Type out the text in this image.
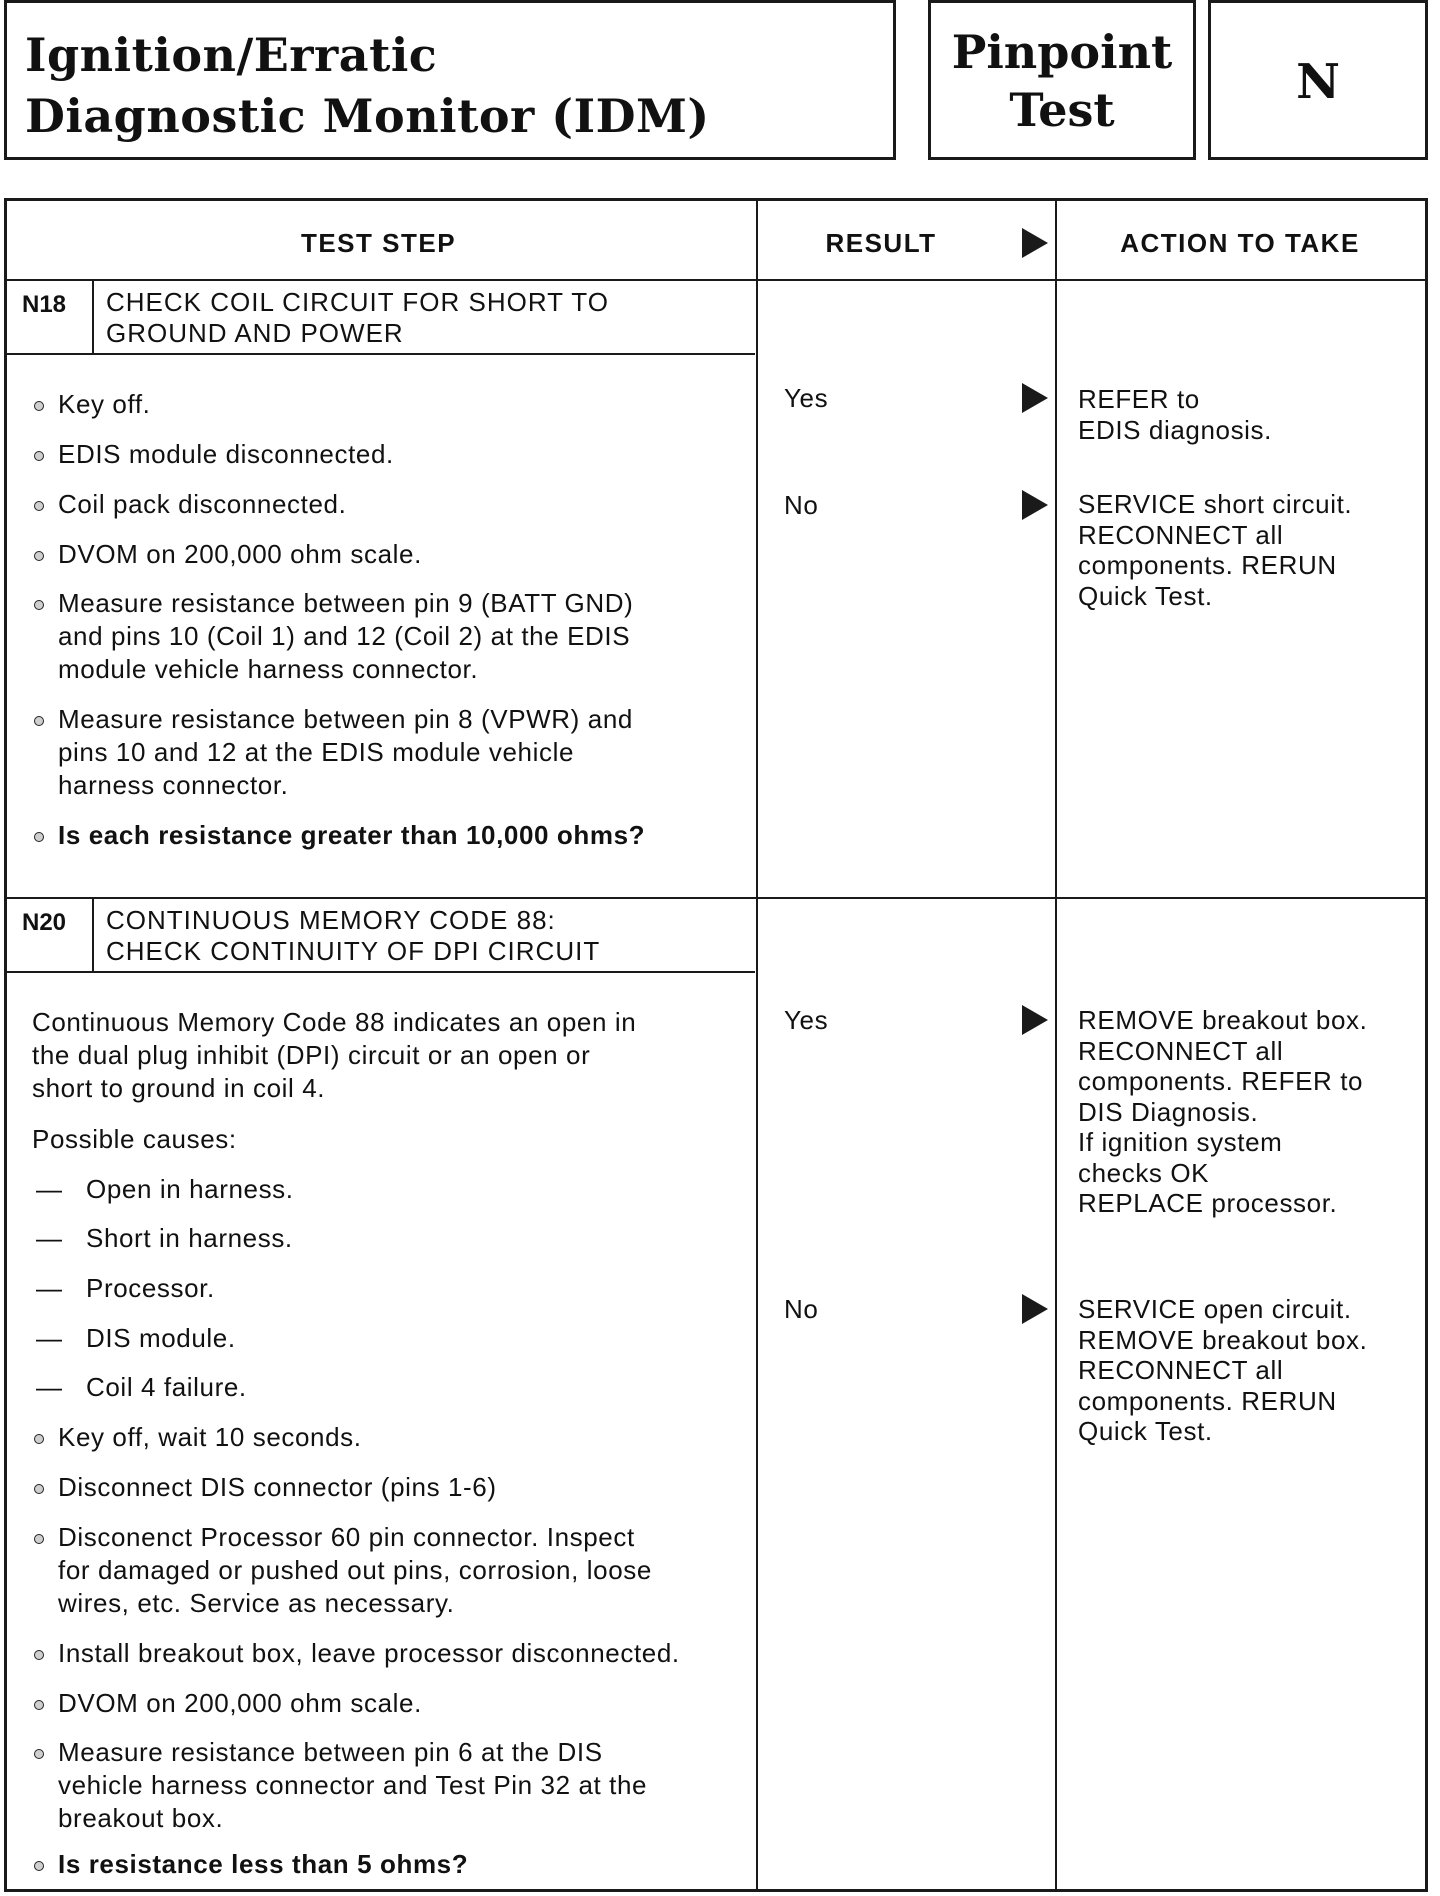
Ignition/Erratic
Diagnostic Monitor (IDM)
Pinpoint
Test	N
TEST STEP	RESULT	ACTION TO TAKE
N18 CHECK COIL CIRCUIT FOR SHORT TO
GROUND AND POWER
Key off.
EDIS module disconnected.
Coil pack disconnected.
DVOM on 200,000 ohm scale.
Measure resistance between pin 9 (BATT GND)
and pins 10 (Coil 1) and 12 (Coil 2) at the EDIS
module vehicle harness connector.
Measure resistance between pin 8 (VPWR) and
pins 10 and 12 at the EDIS module vehicle
harness connector.
Is each resistance greater than 10,000 ohms?
Yes	REFER to
EDIS diagnosis.
No	SERVICE short circuit.
RECONNECT all
components. RERUN
Quick Test.
N20 CONTINUOUS MEMORY CODE 88:
CHECK CONTINUITY OF DPI CIRCUIT
Continuous Memory Code 88 indicates an open in
the dual plug inhibit (DPI) circuit or an open or
short to ground in coil 4.
Possible causes:
— Open in harness.
— Short in harness.
— Processor.
— DIS module.
— Coil 4 failure.
Key off, wait 10 seconds.
Disconnect DIS connector (pins 1-6)
Disconenct Processor 60 pin connector. Inspect
for damaged or pushed out pins, corrosion, loose
wires, etc. Service as necessary.
Install breakout box, leave processor disconnected.
DVOM on 200,000 ohm scale.
Measure resistance between pin 6 at the DIS
vehicle harness connector and Test Pin 32 at the
breakout box.
Is resistance less than 5 ohms?
Yes	REMOVE breakout box.
RECONNECT all
components. REFER to
DIS Diagnosis.
If ignition system
checks OK
REPLACE processor.
No	SERVICE open circuit.
REMOVE breakout box.
RECONNECT all
components. RERUN
Quick Test.
